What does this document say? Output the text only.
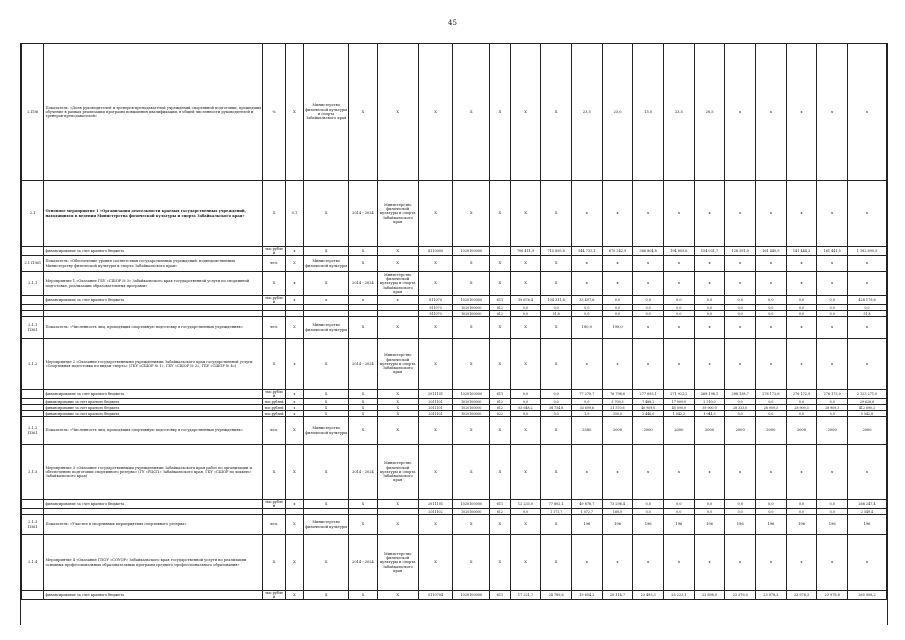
45
2.ПЗ6	Показатель: «Доля руководителей и тренеров-преподавателей учреждений спортивной подготовки, прошедших обучение в рамках реализации программ повышения квалификации, в общей численности руководителей и тренеров-преподавателей»	%	X	Министерство физической культуры и спорта Забайкальского края	X	X	X	X	X	X	X	23,5	23,0	15,0	23,5	28,5	x	x	x	x	x
2.1	Основное мероприятие 1 «Организация деятельности краевых государственных учреждений, находящихся в ведении Министерства физической культуры и спорта Забайкальского края»	X	0,1	X	2014 - 2024	Министерство физической культуры и спорта Забайкальского края	X	X	X	X	X	x	x	x	x	x	x	x	x	x	x
	финансирование за счет краевого бюджета	тыс.рублей	x	X	X	X	8110000	1020100000		706 411,9	715 895,8	544 731,1	670 242,9	388 804,8	194 809,6	154 031,7	128 391,9	161 440,5	141 444,3	161 441,5	1 182 890,5
2.1 ПЗ61	Показатель: «Обеспечение уровня соответствия государственных учреждений, подведомственных Министерству физической культуры и спорта Забайкальского края»	чел.	X	Министерство физической культуры	X	X	X	X	X	X	X	x	x	x	x	x	x	x	x	x	x
2.1.1	Мероприятие 1 «Оказание ГБУ «СШОР № 3» Забайкальского края государственной услуги по спортивной подготовке, реализации образовательных программ»	X	x	X	2014 - 2024	Министерство физической культуры и спорта Забайкальского края	X	X	X	X	X	x	x	x	x	x	x	x	x	x	x
	финансирование за счет краевого бюджета	тыс.рублей	x	x	x	x	811070	1020100000	611	39 676,4	104 311,8	33 497,6	0,0	0,0	0,0	0,0	0,0	0,0	0,0	0,0	428 179,6
							811070	1020100000	612	0,0	0,0	0,0	0,0	0,0	0,0	0,0	0,0	0,0	0,0	0,0	0,0
							811070	1020100000	612	0,0	51,8	0,0	0,0	0,0	0,0	0,0	0,0	0,0	0,0	0,0	51,8
2.1.1 ПЗ61	Показатель: «Численность лиц, проходящих спортивную подготовку в государственных учреждениях»	чел.	X	Министерство физической культуры	X	X	X	X	X	X	X	180,0	190,0	x	x	x	x	x	x	x	x
2.1.2	Мероприятие 2 «Оказание государственными учреждениями Забайкальского края государственной услуги «Спортивная подготовка по видам спорта» (ГБУ «СШОР № 1», ГБУ «СШОР № 2», ГБУ «СШОР № 4»)	X	x	X	2014 - 2024	Министерство физической культуры и спорта Забайкальского края	X	X	X	X	X	x	x	x	x	x	x	x	x	x	x
	финансирование за счет краевого бюджета	тыс.рублей	x	X	X	X	2011101	1020100000	611	0,0	0,0	77 270,7	76 798,6	277 693,1	271 922,2	268 198,1	288 138,7	276 172,6	276 172,9	276 173,0	2 123 271,0
	финансирование за счет краевого бюджета	тыс.рублей	x	X	X	X	2011101	1020100000	612	0,0	0,0	0,0	3 709,3	7 488,2	17 000,0	2 510,0	0,0	0,0	0,0	0,0	29 626,6
	финансирование за счет краевого бюджета	тыс.рублей	x	X	X	X	2011101	1020100000	612	63 648,2	38 754,8	33 699,6	21 570,6	40 909,0	40 090,0	39 900,0	28 333,0	28 909,3	28 909,3	28 909,3	412 690,2
	финансирование за счет краевого бюджета	тыс.рублей	x	X	X	X	2011101	1020100000	622	0,0	0,0	1,9	350,0	2 446,0	1 042,2	1 041,3	0,0	0,0	0,0	0,0	5 542,8
2.1.2 ПЗ61	Показатель: «Численность лиц, проходящих спортивную подготовку в государственных учреждениях»	чел.	X	Министерство физической культуры	X	X	X	X	X	X	X	2580	2000	2000	2000	2000	2000	2000	2000	2000	2000
2.1.3	Мероприятие 3 «Оказание государственными учреждениями Забайкальского края работ по организации и обеспечению подготовки спортивного резерва» (ГУ «РЦСП» Забайкальского края, ГБУ «СШОР по хоккею» Забайкальского края)	X	X	X	2014 - 2024	Министерство физической культуры и спорта Забайкальского края	X	X	X	X	X	x	x	x	x	x	x	x	x	x	x
	финансирование за счет краевого бюджета	тыс.рублей	x	X	X	X	2011101	1020100000	611	12 233,0	77 802,1	49 876,7	73 296,4	0,0	0,0	0,0	0,0	0,0	0,0	0,0	266 247,4
							2011102	1020100000	612	0,0	1 171,7	1 072,7	168,0	0,0	0,0	0,0	0,0	0,0	0,0	0,0	2 549,4
2.1.3 ПЗ61	Показатель: «Участие в спортивных мероприятиях спортивного резерва»	чел.	X	Министерство физической культуры	X	X	X	X	X	X	X	196	196	196	196	196	196	196	196	196	196
2.1.4	Мероприятие 4 «Оказание ГПОУ «СОУОР» Забайкальского края государственной услуги по реализации основных профессиональных образовательных программ среднего профессионального образования»	X	X	X	2014 - 2024	Министерство физической культуры и спорта Забайкальского края	X	X	X	X	X	x	x	x	x	x	x	x	x	x	x
	финансирование за счет краевого бюджета	тыс.рублей	X	X	X	X	0110704	1020100000	611	17 221,7	24 789,6	19 654,2	20 114,7	23 495,3	25 223,1	23 898,0	23 379,0	23 978,3	23 978,3	23 978,8	265 908,2
